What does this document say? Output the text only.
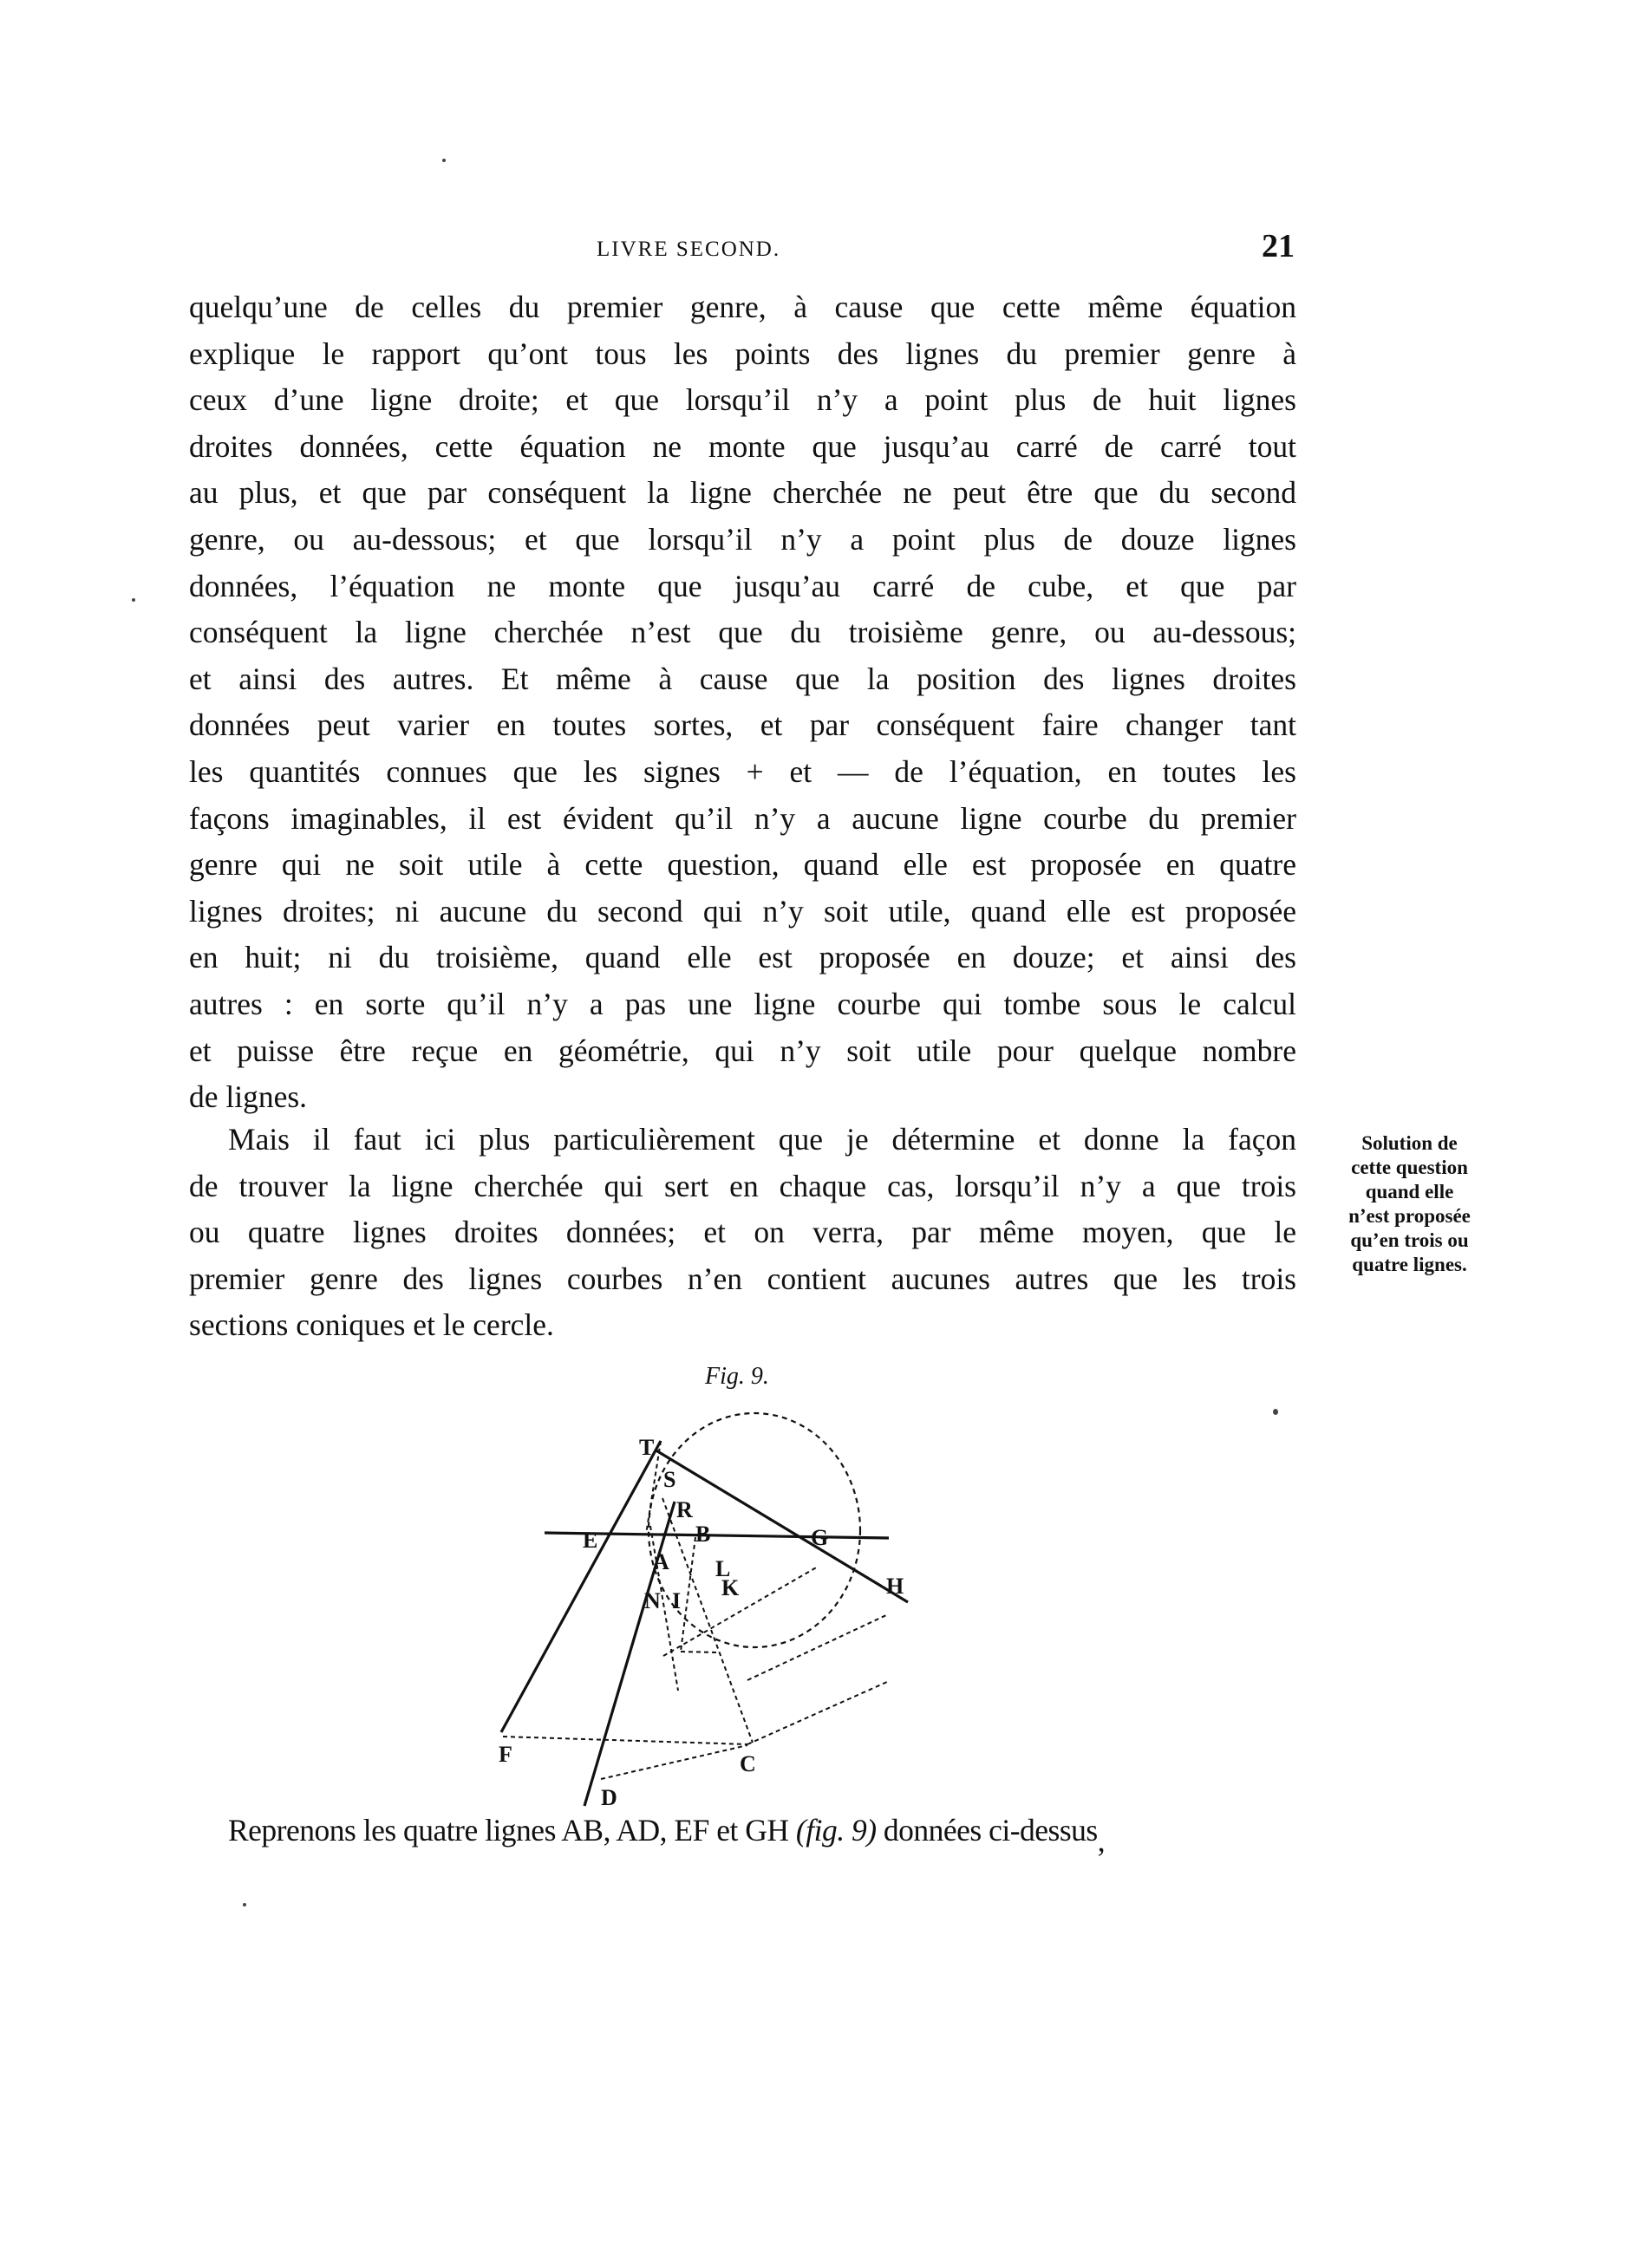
LIVRE SECOND.	21
quelqu’une de celles du premier genre, à cause que cette même équation
explique le rapport qu’ont tous les points des lignes du premier genre à
ceux d’une ligne droite; et que lorsqu’il n’y a point plus de huit lignes
droites données, cette équation ne monte que jusqu’au carré de carré tout
au plus, et que par conséquent la ligne cherchée ne peut être que du second
genre, ou au-dessous; et que lorsqu’il n’y a point plus de douze lignes
données, l’équation ne monte que jusqu’au carré de cube, et que par
conséquent la ligne cherchée n’est que du troisième genre, ou au-dessous;
et ainsi des autres. Et même à cause que la position des lignes droites
données peut varier en toutes sortes, et par conséquent faire changer tant
les quantités connues que les signes + et — de l’équation, en toutes les
façons imaginables, il est évident qu’il n’y a aucune ligne courbe du premier
genre qui ne soit utile à cette question, quand elle est proposée en quatre
lignes droites; ni aucune du second qui n’y soit utile, quand elle est proposée
en huit; ni du troisième, quand elle est proposée en douze; et ainsi des
autres : en sorte qu’il n’y a pas une ligne courbe qui tombe sous le calcul
et puisse être reçue en géométrie, qui n’y soit utile pour quelque nombre
de lignes.
Mais il faut ici plus particulièrement que je détermine et donne la façon
de trouver la ligne cherchée qui sert en chaque cas, lorsqu’il n’y a que trois
ou quatre lignes droites données; et on verra, par même moyen, que le
premier genre des lignes courbes n’en contient aucunes autres que les trois
sections coniques et le cercle.
Solution de
cette question
quand elle
n’est proposée
qu’en trois ou
quatre lignes.
Fig. 9.
T
S
R
E	B	G
A L
K	H
N I
F	C
D
Reprenons les quatre lignes AB, AD, EF et GH (fig. 9) données ci-dessus,
